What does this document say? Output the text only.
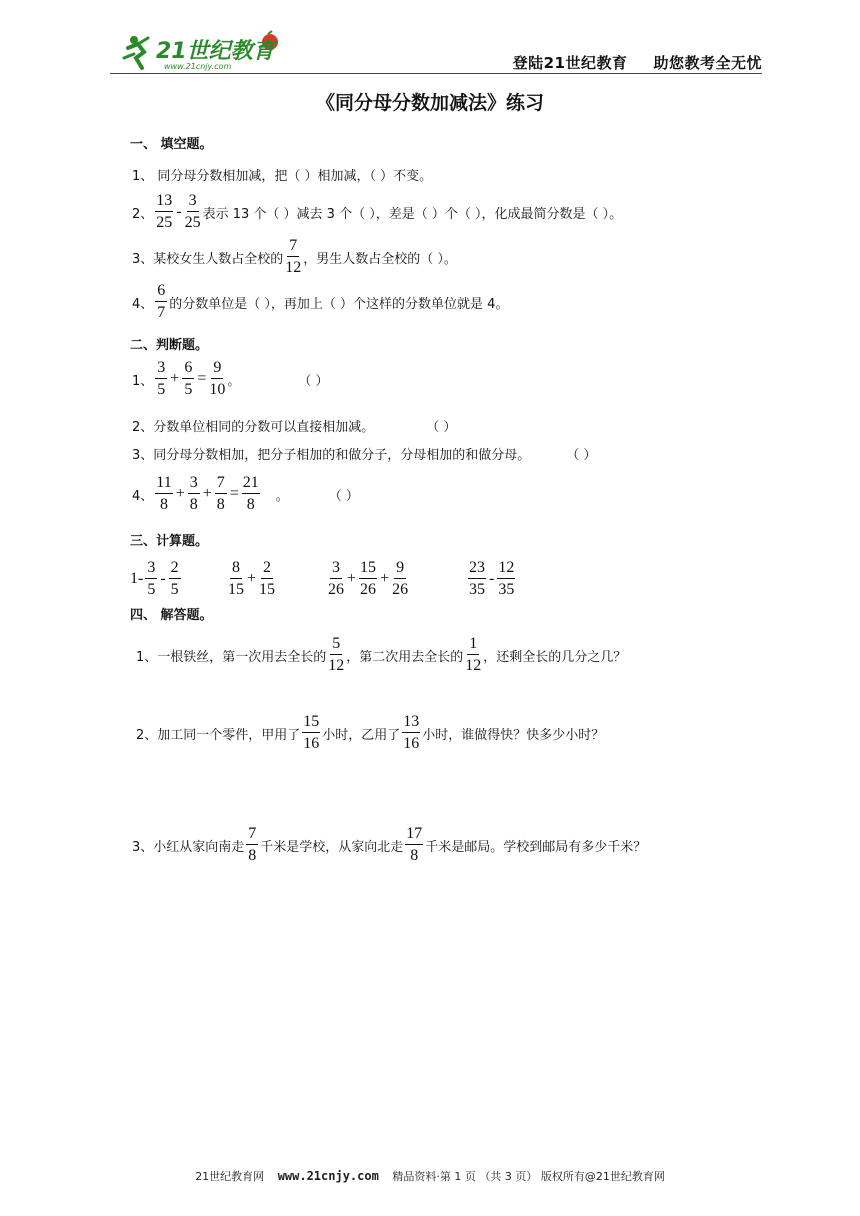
21世纪教育
www.21cnjy.com	登陆21世纪教育 助您教考全无忧
《同分母分数加减法》练习
一、 填空题。
1、 同分母分数相加减，把（ ）相加减，（ ）不变。
2、 $\frac{13}{25} - \frac{3}{25}$ 表示 13 个（ ）减去 3 个（ ），差是（ ）个（ ），化成最简分数是（ ）。
3、某校女生人数占全校的 $\frac{7}{12}$ ，男生人数占全校的（ ）。
4、 $\frac{6}{7}$ 的分数单位是（ ），再加上（ ）个这样的分数单位就是 4。
二、判断题。
1、 $\frac{3}{5} + \frac{6}{5} = \frac{9}{10}$ 。	（ ）
2、分数单位相同的分数可以直接相加减。	（ ）
3、同分母分数相加，把分子相加的和做分子，分母相加的和做分母。	（ ）
4、 $\frac{11}{8} + \frac{3}{8} + \frac{7}{8} = \frac{21}{8}$ 。	（ ）
三、计算题。
$1- \frac{3}{5} - \frac{2}{5}$	$\frac{8}{15} + \frac{2}{15}$	$\frac{3}{26} + \frac{15}{26} + \frac{9}{26}$	$\frac{23}{35} - \frac{12}{35}$
四、 解答题。
1、一根铁丝，第一次用去全长的 $\frac{5}{12}$ ，第二次用去全长的 $\frac{1}{12}$ ，还剩全长的几分之几？
2、加工同一个零件，甲用了 $\frac{15}{16}$ 小时，乙用了 $\frac{13}{16}$ 小时，谁做得快？快多少小时？
3、小红从家向南走 $\frac{7}{8}$ 千米是学校，从家向北走 $\frac{17}{8}$ 千米是邮局。学校到邮局有多少千米？
21世纪教育网 www.21cnjy.com 精品资料·第 1 页 （共 3 页） 版权所有@21世纪教育网
